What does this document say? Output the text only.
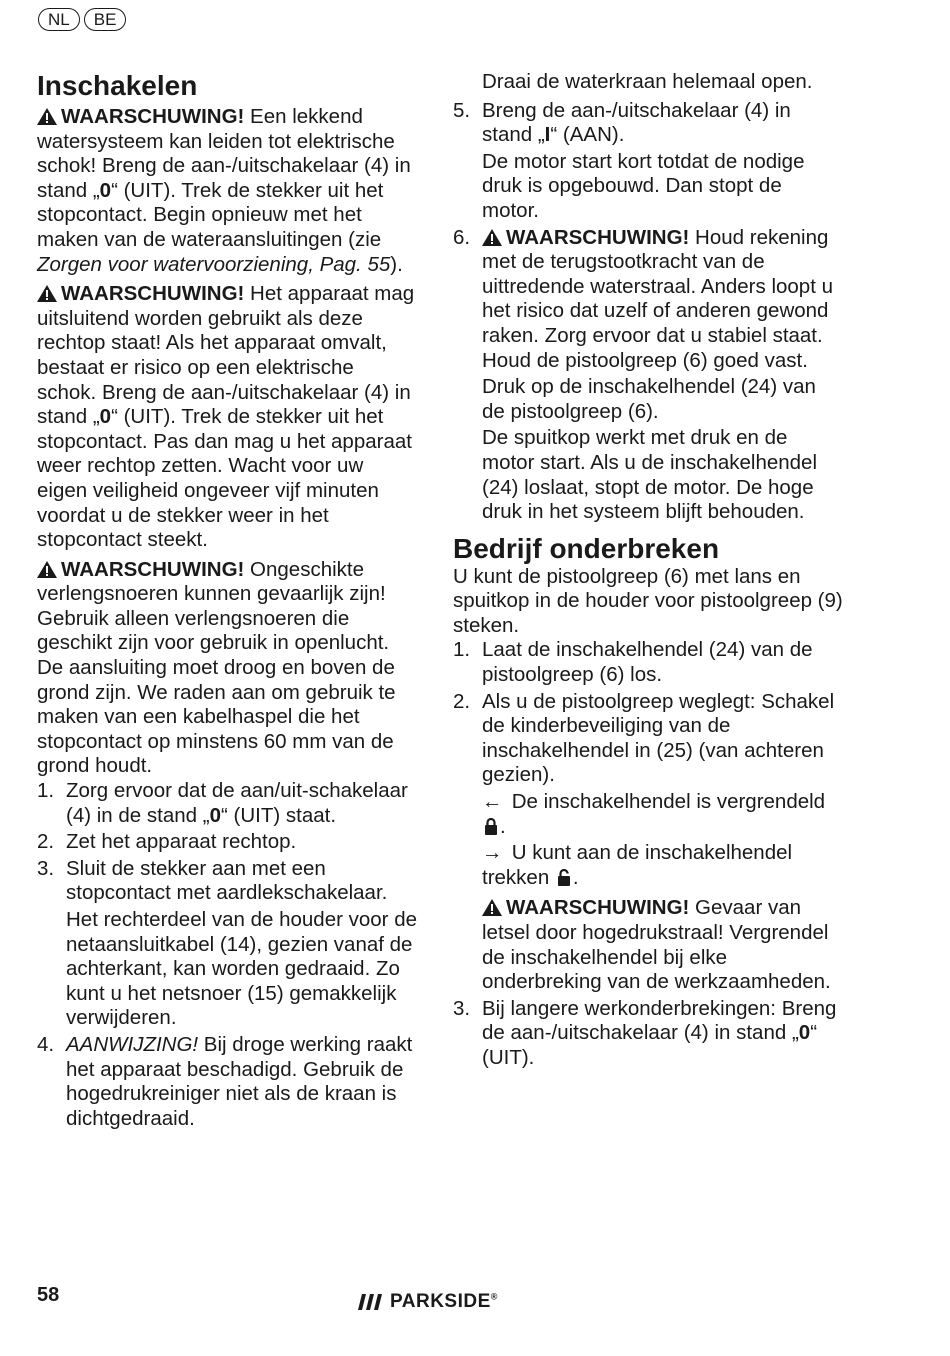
NL	BE
Inschakelen

WAARSCHUWING! Een lekkend watersysteem kan leiden tot elektrische schok! Breng de aan-/uitschakelaar (4) in stand „0“ (UIT). Trek de stekker uit het stopcontact. Begin opnieuw met het maken van de wateraansluitingen (zie Zorgen voor watervoorziening, Pag. 55).

WAARSCHUWING! Het apparaat mag uitsluitend worden gebruikt als deze rechtop staat! Als het apparaat omvalt, bestaat er risico op een elektrische schok. Breng de aan-/uitschakelaar (4) in stand „0“ (UIT). Trek de stekker uit het stopcontact. Pas dan mag u het apparaat weer rechtop zetten. Wacht voor uw eigen veiligheid ongeveer vijf minuten voordat u de stekker weer in het stopcontact steekt.

WAARSCHUWING! Ongeschikte verlengsnoeren kunnen gevaarlijk zijn! Gebruik alleen verlengsnoeren die geschikt zijn voor gebruik in openlucht. De aansluiting moet droog en boven de grond zijn. We raden aan om gebruik te maken van een kabelhaspel die het stopcontact op minstens 60 mm van de grond houdt.

1. Zorg ervoor dat de aan/uit-schakelaar (4) in de stand „0“ (UIT) staat.
2. Zet het apparaat rechtop.
3. Sluit de stekker aan met een stopcontact met aardlekschakelaar.
Het rechterdeel van de houder voor de netaansluitkabel (14), gezien vanaf de achterkant, kan worden gedraaid. Zo kunt u het netsnoer (15) gemakkelijk verwijderen.
4. AANWIJZING! Bij droge werking raakt het apparaat beschadigd. Gebruik de hogedrukreiniger niet als de kraan is dichtgedraaid.
Draai de waterkraan helemaal open.
5. Breng de aan-/uitschakelaar (4) in stand „I“ (AAN).
De motor start kort totdat de nodige druk is opgebouwd. Dan stopt de motor.
6. WAARSCHUWING! Houd rekening met de terugstootkracht van de uittredende waterstraal. Anders loopt u het risico dat uzelf of anderen gewond raken. Zorg ervoor dat u stabiel staat. Houd de pistoolgreep (6) goed vast.
Druk op de inschakelhendel (24) van de pistoolgreep (6).
De spuitkop werkt met druk en de motor start. Als u de inschakelhendel (24) loslaat, stopt de motor. De hoge druk in het systeem blijft behouden.
Bedrijf onderbreken

U kunt de pistoolgreep (6) met lans en spuitkop in de houder voor pistoolgreep (9) steken.

1. Laat de inschakelhendel (24) van de pistoolgreep (6) los.
2. Als u de pistoolgreep weglegt: Schakel de kinderbeveiliging van de inschakelhendel in (25) (van achteren gezien).
← De inschakelhendel is vergrendeld .
→ U kunt aan de inschakelhendel trekken .
WAARSCHUWING! Gevaar van letsel door hogedrukstraal! Vergrendel de inschakelhendel bij elke onderbreking van de werkzaamheden.
3. Bij langere werkonderbrekingen: Breng de aan-/uitschakelaar (4) in stand „0“ (UIT).
58	PARKSIDE®
